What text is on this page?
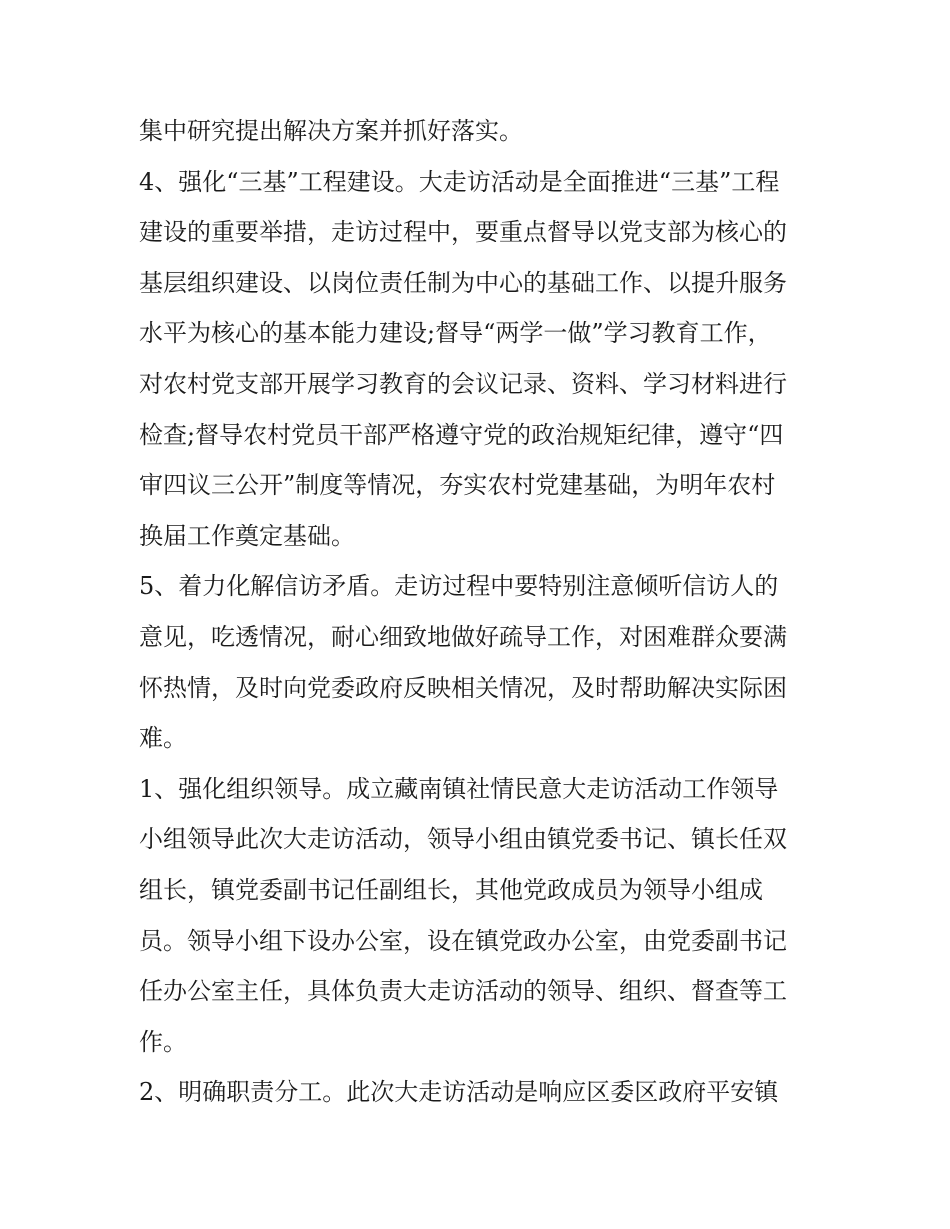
集中研究提出解决方案并抓好落实。
4、强化“三基”工程建设。大走访活动是全面推进“三基”工程
建设的重要举措，走访过程中，要重点督导以党支部为核心的
基层组织建设、以岗位责任制为中心的基础工作、以提升服务
水平为核心的基本能力建设;督导“两学一做”学习教育工作，
对农村党支部开展学习教育的会议记录、资料、学习材料进行
检查;督导农村党员干部严格遵守党的政治规矩纪律，遵守“四
审四议三公开”制度等情况，夯实农村党建基础，为明年农村
换届工作奠定基础。
5、着力化解信访矛盾。走访过程中要特别注意倾听信访人的
意见，吃透情况，耐心细致地做好疏导工作，对困难群众要满
怀热情，及时向党委政府反映相关情况，及时帮助解决实际困
难。
1、强化组织领导。成立藏南镇社情民意大走访活动工作领导
小组领导此次大走访活动，领导小组由镇党委书记、镇长任双
组长，镇党委副书记任副组长，其他党政成员为领导小组成
员。领导小组下设办公室，设在镇党政办公室，由党委副书记
任办公室主任，具体负责大走访活动的领导、组织、督查等工
作。
2、明确职责分工。此次大走访活动是响应区委区政府平安镇
